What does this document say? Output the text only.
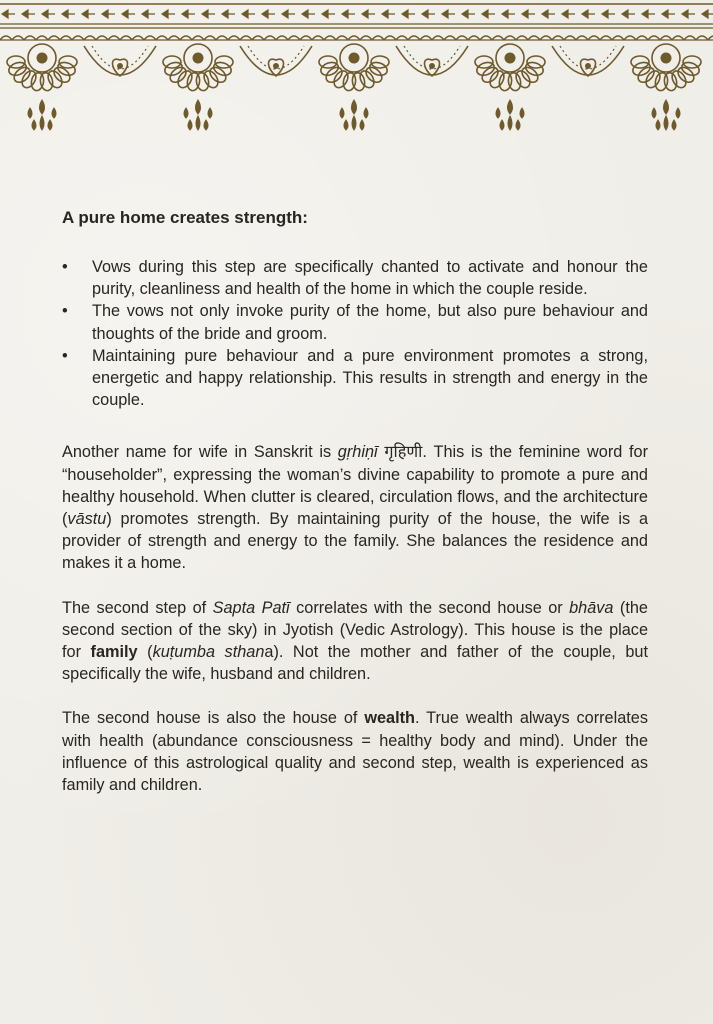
A pure home creates strength:
• Vows during this step are specifically chanted to activate and honour the purity, cleanliness and health of the home in which the couple reside.
• The vows not only invoke purity of the home, but also pure behaviour and thoughts of the bride and groom.
• Maintaining pure behaviour and a pure environment promotes a strong, energetic and happy relationship. This results in strength and energy in the couple.

Another name for wife in Sanskrit is gṛhiṇī गृहिणी. This is the feminine word for “householder”, expressing the woman’s divine capability to promote a pure and healthy household. When clutter is cleared, circulation flows, and the architecture (vāstu) promotes strength. By maintaining purity of the house, the wife is a provider of strength and energy to the family. She balances the residence and makes it a home.

The second step of Sapta Patī correlates with the second house or bhāva (the second section of the sky) in Jyotish (Vedic Astrology). This house is the place for family (kuṭumba sthana). Not the mother and father of the couple, but specifically the wife, husband and children.

The second house is also the house of wealth. True wealth always correlates with health (abundance consciousness = healthy body and mind). Under the influence of this astrological quality and second step, wealth is experienced as family and children.
